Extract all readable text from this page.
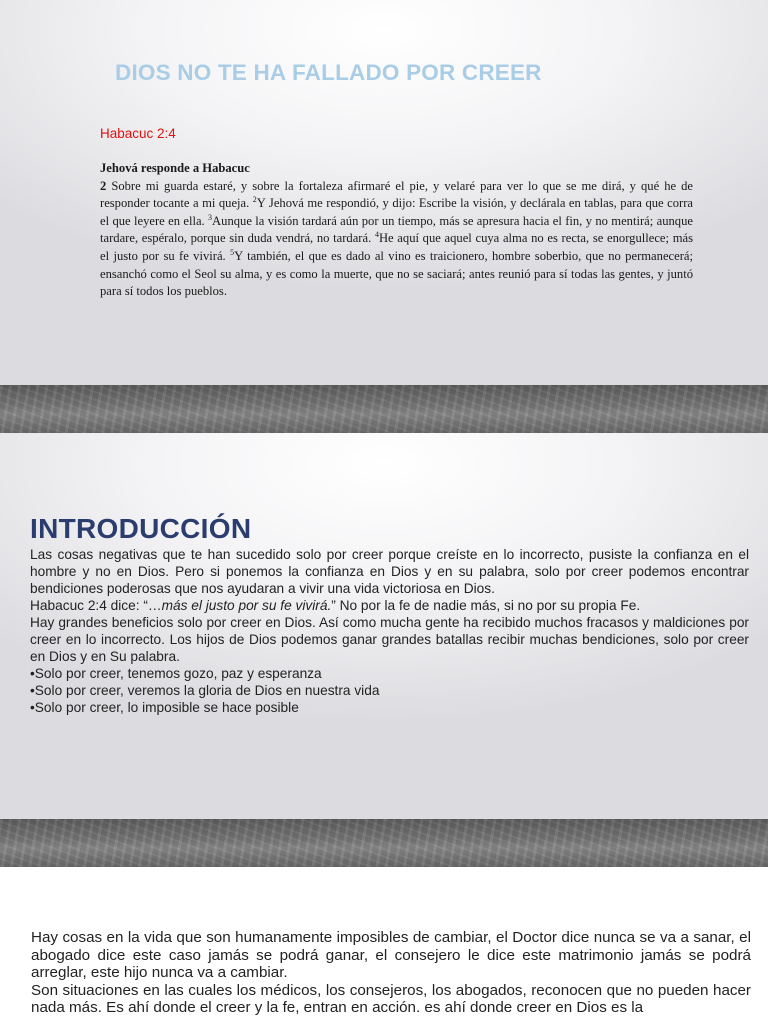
DIOS NO TE HA FALLADO POR CREER
Habacuc 2:4
Jehová responde a Habacuc
2 Sobre mi guarda estaré, y sobre la fortaleza afirmaré el pie, y velaré para ver lo que se me dirá, y qué he de responder tocante a mi queja. $^2$Y Jehová me respondió, y dijo: Escribe la visión, y declárala en tablas, para que corra el que leyere en ella. $^3$Aunque la visión tardará aún por un tiempo, más se apresura hacia el fin, y no mentirá; aunque tardare, espéralo, porque sin duda vendrá, no tardará. $^4$He aquí que aquel cuya alma no es recta, se enorgullece; más el justo por su fe vivirá. $^5$Y también, el que es dado al vino es traicionero, hombre soberbio, que no permanecerá; ensanchó como el Seol su alma, y es como la muerte, que no se saciará; antes reunió para sí todas las gentes, y juntó para sí todos los pueblos.
INTRODUCCIÓN

Las cosas negativas que te han sucedido solo por creer porque creíste en lo incorrecto, pusiste la confianza en el hombre y no en Dios. Pero si ponemos la confianza en Dios y en su palabra, solo por creer podemos encontrar bendiciones poderosas que nos ayudaran a vivir una vida victoriosa en Dios.

Habacuc 2:4 dice: “…más el justo por su fe vivirá.” No por la fe de nadie más, si no por su propia Fe.

Hay grandes beneficios solo por creer en Dios. Así como mucha gente ha recibido muchos fracasos y maldiciones por creer en lo incorrecto. Los hijos de Dios podemos ganar grandes batallas recibir muchas bendiciones, solo por creer en Dios y en Su palabra.

•Solo por creer, tenemos gozo, paz y esperanza

•Solo por creer, veremos la gloria de Dios en nuestra vida

•Solo por creer, lo imposible se hace posible

Hay cosas en la vida que son humanamente imposibles de cambiar, el Doctor dice nunca se va a sanar, el abogado dice este caso jamás se podrá ganar, el consejero le dice este matrimonio jamás se podrá arreglar, este hijo nunca va a cambiar.

Son situaciones en las cuales los médicos, los consejeros, los abogados, reconocen que no pueden hacer nada más. Es ahí donde el creer y la fe, entran en acción. es ahí donde creer en Dios es la
